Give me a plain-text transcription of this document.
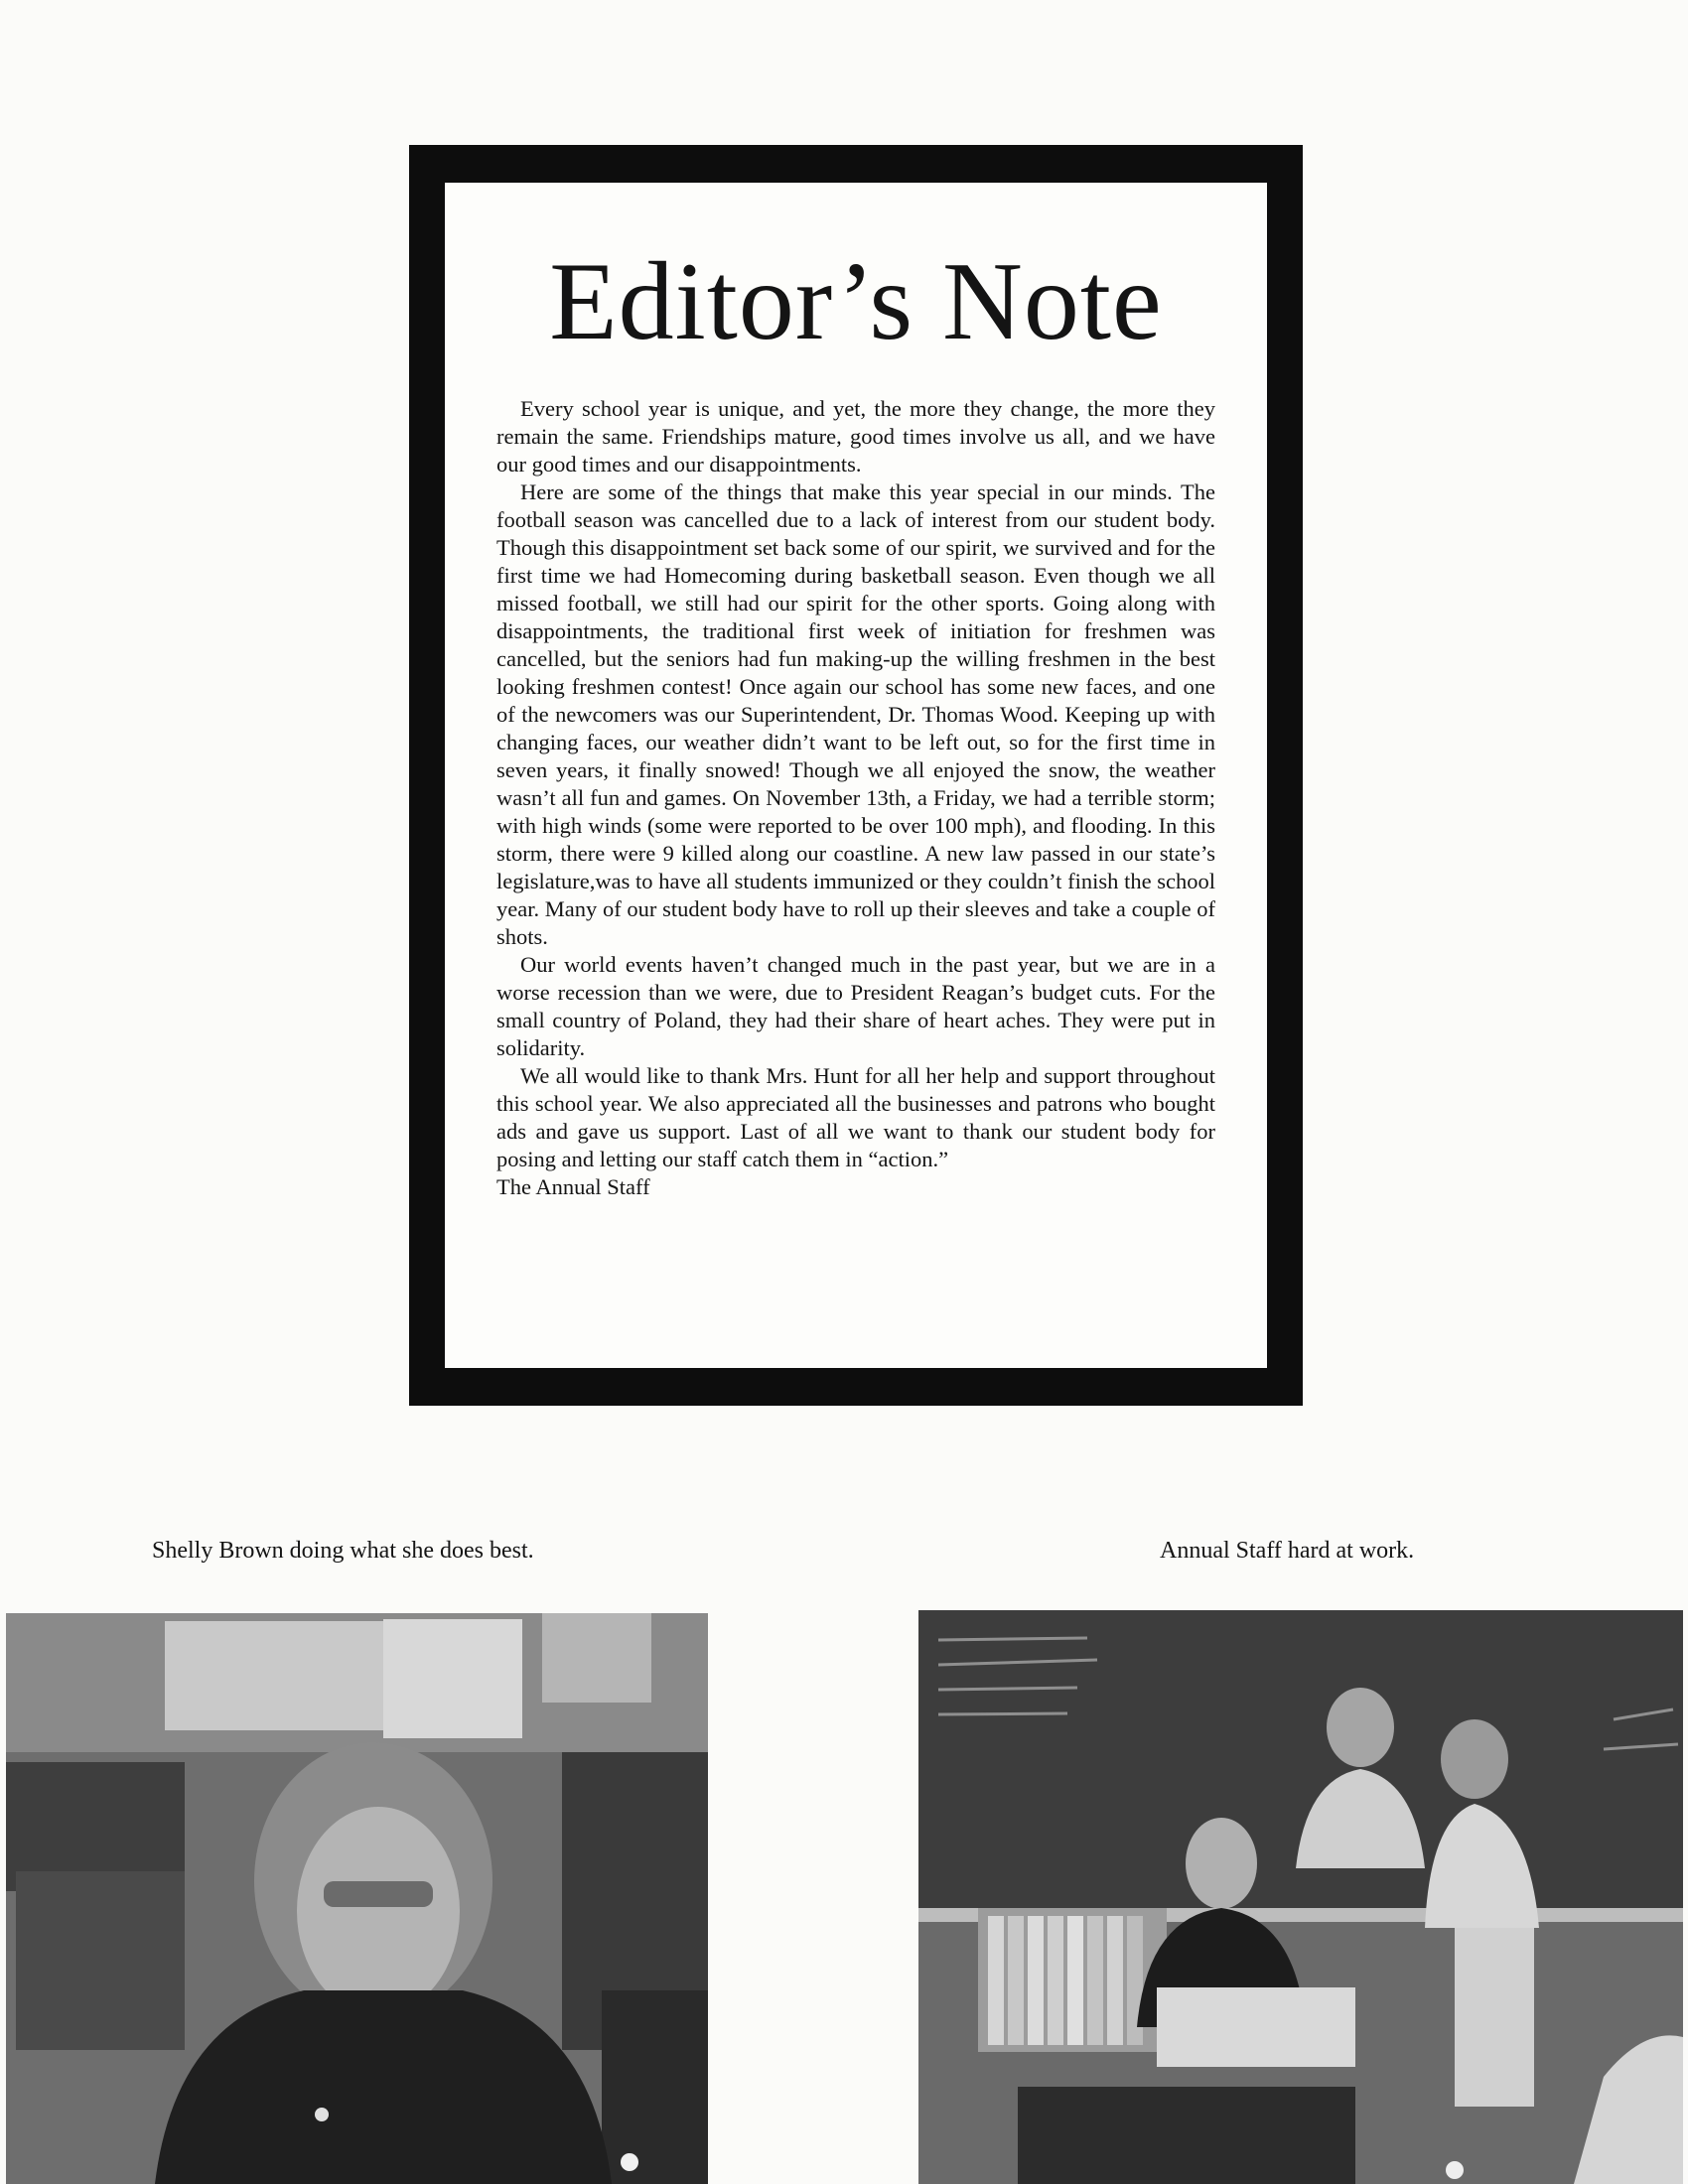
Editor’s Note

Every school year is unique, and yet, the more they change, the more they remain the same. Friendships mature, good times involve us all, and we have our good times and our disappointments.

Here are some of the things that make this year special in our minds. The football season was cancelled due to a lack of interest from our student body. Though this disappointment set back some of our spirit, we survived and for the first time we had Homecoming during basketball season. Even though we all missed football, we still had our spirit for the other sports. Going along with disappointments, the traditional first week of initiation for freshmen was cancelled, but the seniors had fun making-up the willing freshmen in the best looking freshmen contest! Once again our school has some new faces, and one of the newcomers was our Superintendent, Dr. Thomas Wood. Keeping up with changing faces, our weather didn’t want to be left out, so for the first time in seven years, it finally snowed! Though we all enjoyed the snow, the weather wasn’t all fun and games. On November 13th, a Friday, we had a terrible storm; with high winds (some were reported to be over 100 mph), and flooding. In this storm, there were 9 killed along our coastline. A new law passed in our state’s legislature,was to have all students immunized or they couldn’t finish the school year. Many of our student body have to roll up their sleeves and take a couple of shots.

Our world events haven’t changed much in the past year, but we are in a worse recession than we were, due to President Reagan’s budget cuts. For the small country of Poland, they had their share of heart aches. They were put in solidarity.

We all would like to thank Mrs. Hunt for all her help and support throughout this school year. We also appreciated all the businesses and patrons who bought ads and gave us support. Last of all we want to thank our student body for posing and letting our staff catch them in “action.”

The Annual Staff
Shelly Brown doing what she does best.	Annual Staff hard at work.
